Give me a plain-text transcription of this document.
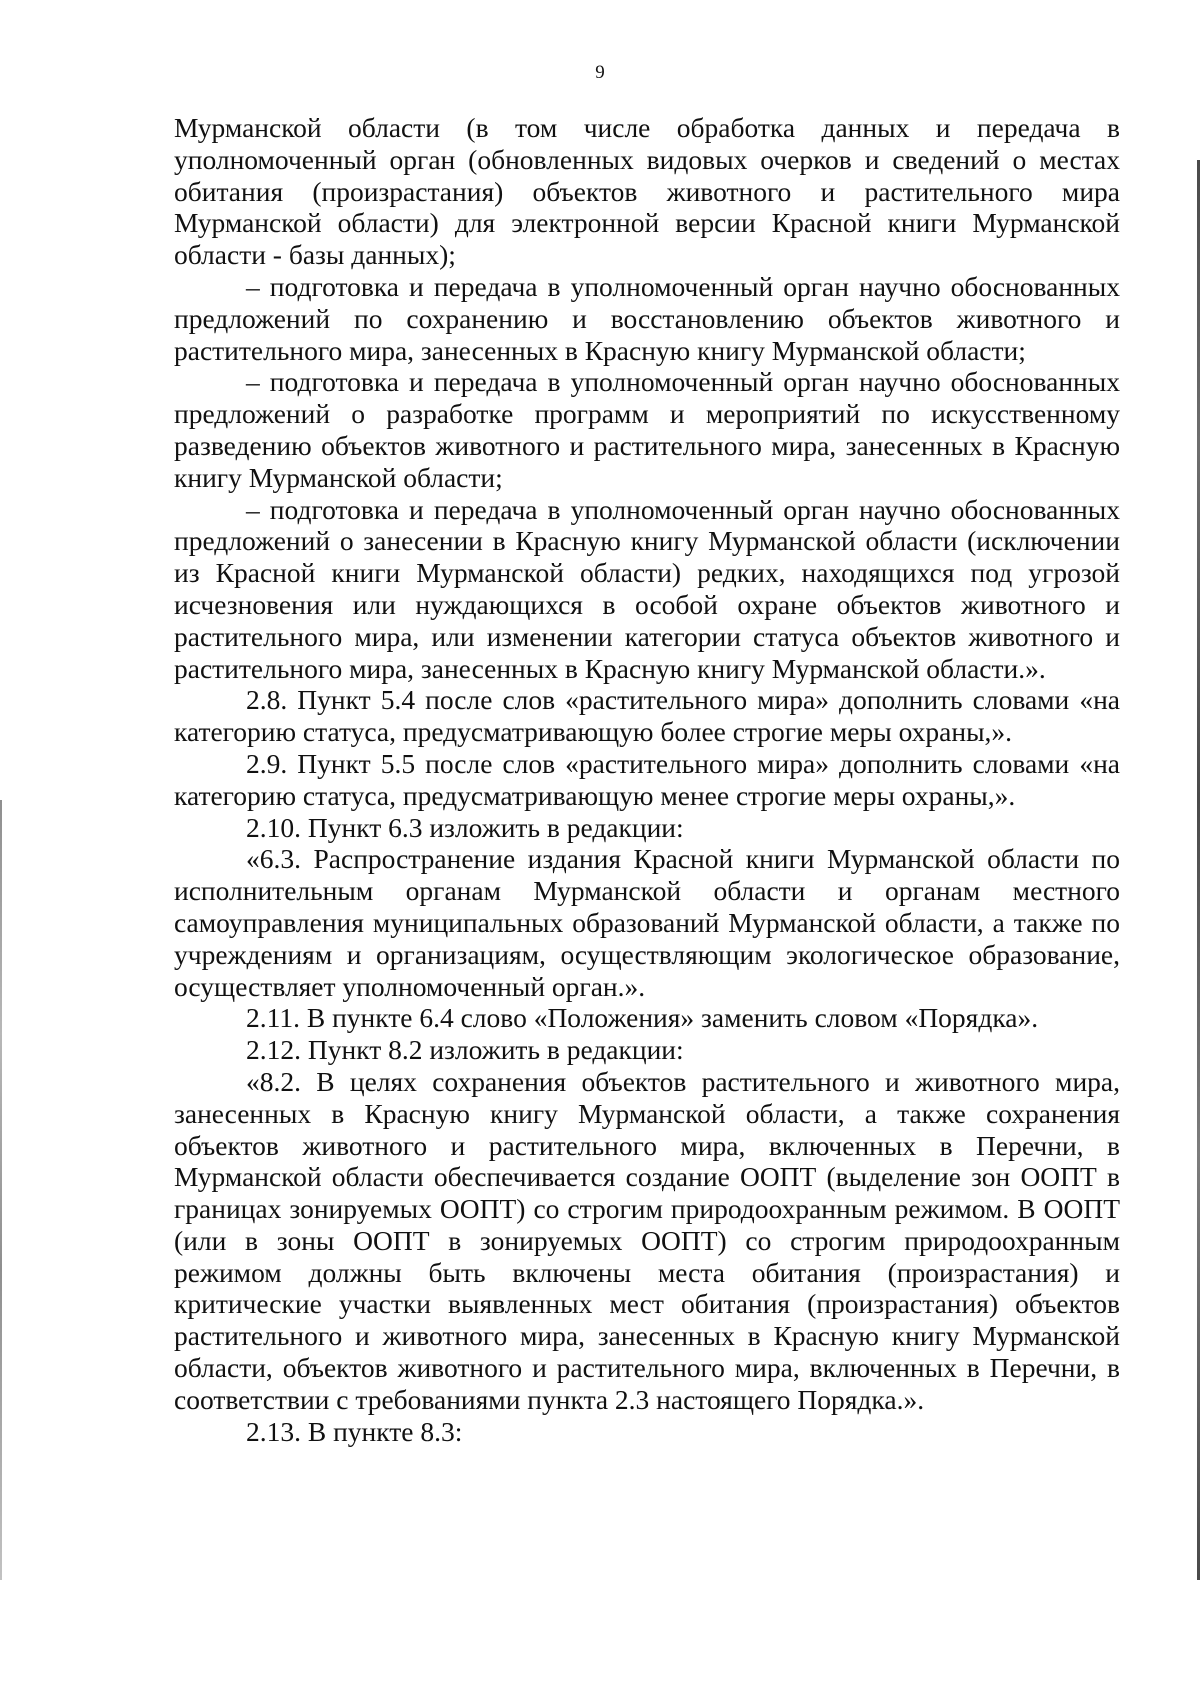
9

Мурманской области (в том числе обработка данных и передача в уполномоченный орган (обновленных видовых очерков и сведений о местах обитания (произрастания) объектов животного и растительного мира Мурманской области) для электронной версии Красной книги Мурманской области - базы данных);

– подготовка и передача в уполномоченный орган научно обоснованных предложений по сохранению и восстановлению объектов животного и растительного мира, занесенных в Красную книгу Мурманской области;

– подготовка и передача в уполномоченный орган научно обоснованных предложений о разработке программ и мероприятий по искусственному разведению объектов животного и растительного мира, занесенных в Красную книгу Мурманской области;

– подготовка и передача в уполномоченный орган научно обоснованных предложений о занесении в Красную книгу Мурманской области (исключении из Красной книги Мурманской области) редких, находящихся под угрозой исчезновения или нуждающихся в особой охране объектов животного и растительного мира, или изменении категории статуса объектов животного и растительного мира, занесенных в Красную книгу Мурманской области.».

2.8. Пункт 5.4 после слов «растительного мира» дополнить словами «на категорию статуса, предусматривающую более строгие меры охраны,».

2.9. Пункт 5.5 после слов «растительного мира» дополнить словами «на категорию статуса, предусматривающую менее строгие меры охраны,».

2.10. Пункт 6.3 изложить в редакции:

«6.3. Распространение издания Красной книги Мурманской области по исполнительным органам Мурманской области и органам местного самоуправления муниципальных образований Мурманской области, а также по учреждениям и организациям, осуществляющим экологическое образование, осуществляет уполномоченный орган.».

2.11. В пункте 6.4 слово «Положения» заменить словом «Порядка».

2.12. Пункт 8.2 изложить в редакции:

«8.2. В целях сохранения объектов растительного и животного мира, занесенных в Красную книгу Мурманской области, а также сохранения объектов животного и растительного мира, включенных в Перечни, в Мурманской области обеспечивается создание ООПТ (выделение зон ООПТ в границах зонируемых ООПТ) со строгим природоохранным режимом. В ООПТ (или в зоны ООПТ в зонируемых ООПТ) со строгим природоохранным режимом должны быть включены места обитания (произрастания) и критические участки выявленных мест обитания (произрастания) объектов растительного и животного мира, занесенных в Красную книгу Мурманской области, объектов животного и растительного мира, включенных в Перечни, в соответствии с требованиями пункта 2.3 настоящего Порядка.».

2.13. В пункте 8.3:
